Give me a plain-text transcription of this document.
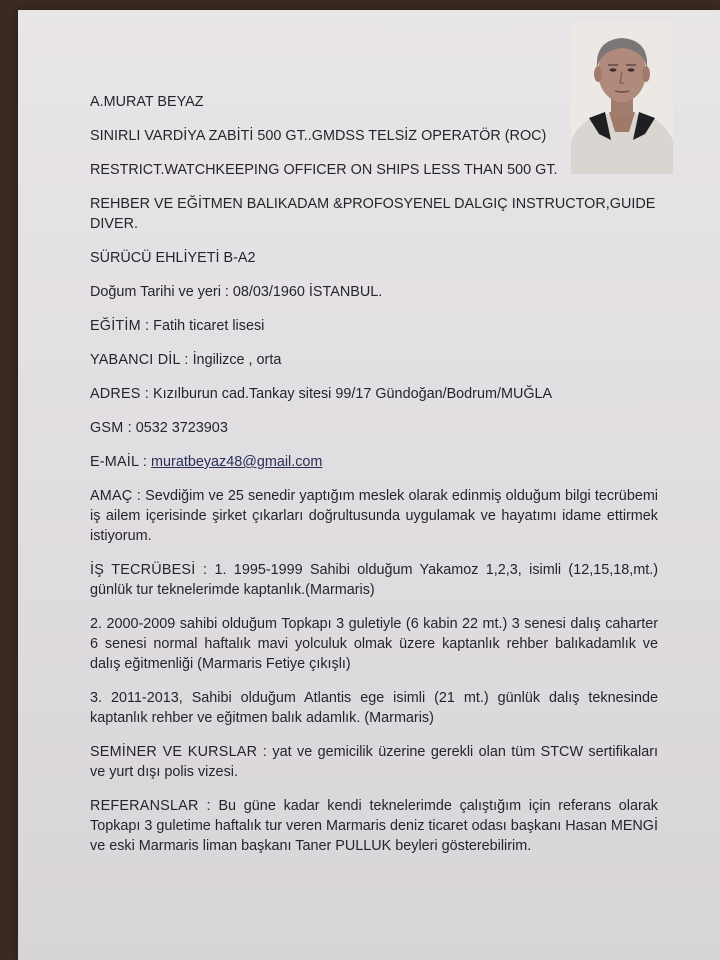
A.MURAT BEYAZ
SINIRLI VARDİYA ZABİTİ 500 GT..GMDSS TELSİZ OPERATÖR (ROC)
RESTRICT.WATCHKEEPING OFFICER ON SHIPS LESS THAN 500 GT.
REHBER VE EĞİTMEN BALIKADAM &PROFOSYENEL DALGIÇ INSTRUCTOR,GUIDE DIVER.
SÜRÜCÜ EHLİYETİ B-A2
Doğum Tarihi ve yeri : 08/03/1960 İSTANBUL.
EĞİTİM : Fatih ticaret lisesi
YABANCI DİL : İngilizce , orta
ADRES : Kızılburun cad.Tankay sitesi 99/17 Gündoğan/Bodrum/MUĞLA
GSM : 0532 3723903
E-MAİL : muratbeyaz48@gmail.com
AMAÇ : Sevdiğim ve 25 senedir yaptığım meslek olarak edinmiş olduğum bilgi tecrübemi iş ailem içerisinde şirket çıkarları doğrultusunda uygulamak ve hayatımı idame ettirmek istiyorum.
İŞ TECRÜBESİ : 1. 1995-1999 Sahibi olduğum Yakamoz 1,2,3, isimli (12,15,18,mt.) günlük tur teknelerimde kaptanlık.(Marmaris)
2. 2000-2009 sahibi olduğum Topkapı 3 guletiyle (6 kabin 22 mt.) 3 senesi dalış caharter 6 senesi normal haftalık mavi yolculuk olmak üzere kaptanlık rehber balıkadamlık ve dalış eğitmenliği (Marmaris Fetiye çıkışlı)
3. 2011-2013, Sahibi olduğum Atlantis ege isimli (21 mt.) günlük dalış teknesinde kaptanlık rehber ve eğitmen balık adamlık. (Marmaris)
SEMİNER VE KURSLAR : yat ve gemicilik üzerine gerekli olan tüm STCW sertifikaları ve yurt dışı polis vizesi.
REFERANSLAR : Bu güne kadar kendi teknelerimde çalıştığım için referans olarak Topkapı 3 guletime haftalık tur veren Marmaris deniz ticaret odası başkanı Hasan MENGİ ve eski Marmaris liman başkanı Taner PULLUK beyleri gösterebilirim.
